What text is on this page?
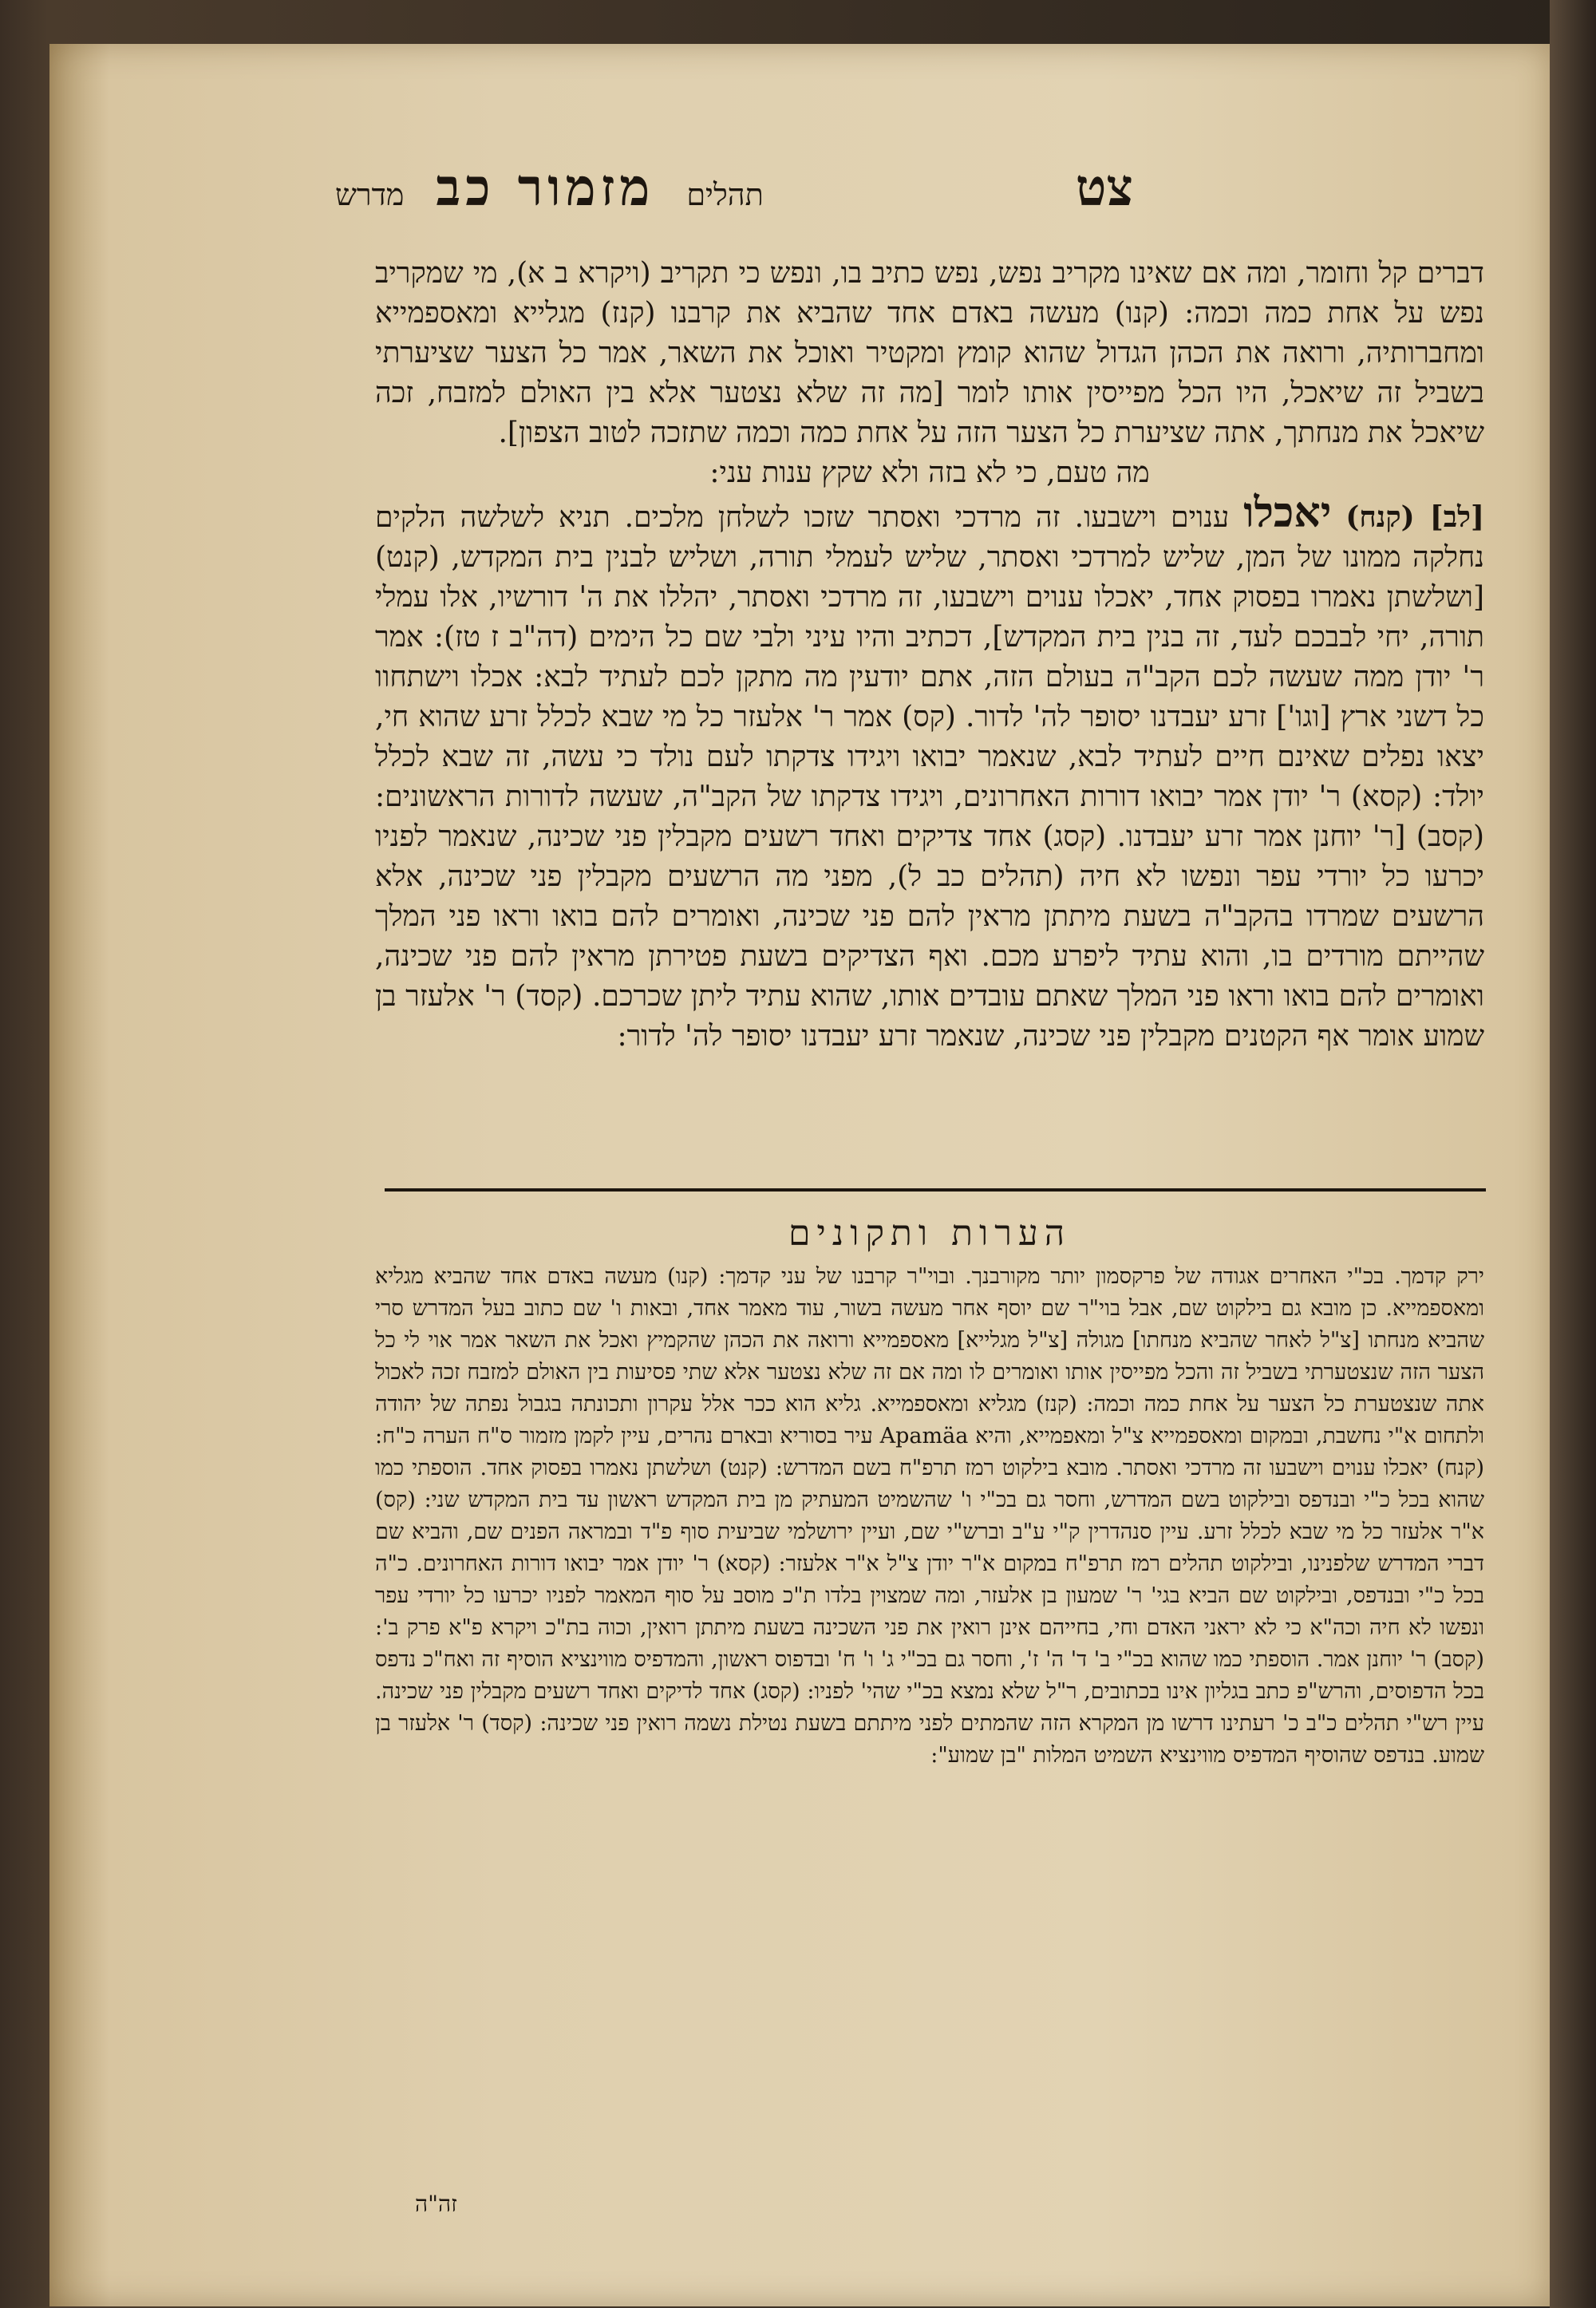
צט
תהלים
מזמור כב
מדרש

דברים קל וחומר, ומה אם שאינו מקריב נפש, נפש כתיב בו, ונפש כי תקריב (ויקרא ב א), מי שמקריב נפש על אחת כמה וכמה: (קנו) מעשה באדם אחד שהביא את קרבנו (קנז) מגלייא ומאספמייא ומחברותיה, ורואה את הכהן הגדול שהוא קומץ ומקטיר ואוכל את השאר, אמר כל הצער שציערתי בשביל זה שיאכל, היו הכל מפייסין אותו לומר [מה זה שלא נצטער אלא בין האולם למזבח, זכה שיאכל את מנחתך, אתה שציערת כל הצער הזה על אחת כמה וכמה שתזכה לטוב הצפון].

מה טעם, כי לא בזה ולא שקץ ענות עני:

[לב] (קנח) יאכלו ענוים וישבעו. זה מרדכי ואסתר שזכו לשלחן מלכים. תניא לשלשה הלקים נחלקה ממונו של המן, שליש למרדכי ואסתר, שליש לעמלי תורה, ושליש לבנין בית המקדש, (קנט) [ושלשתן נאמרו בפסוק אחד, יאכלו ענוים וישבעו, זה מרדכי ואסתר, יהללו את ה' דורשיו, אלו עמלי תורה, יחי לבבכם לעד, זה בנין בית המקדש], דכתיב והיו עיני ולבי שם כל הימים (דה"ב ז טז): אמר ר' יודן ממה שעשה לכם הקב"ה בעולם הזה, אתם יודעין מה מתקן לכם לעתיד לבא: אכלו וישתחוו כל דשני ארץ [וגו'] זרע יעבדנו יסופר לה' לדור. (קס) אמר ר' אלעזר כל מי שבא לכלל זרע שהוא חי, יצאו נפלים שאינם חיים לעתיד לבא, שנאמר יבואו ויגידו צדקתו לעם נולד כי עשה, זה שבא לכלל יולד: (קסא) ר' יודן אמר יבואו דורות האחרונים, ויגידו צדקתו של הקב"ה, שעשה לדורות הראשונים: (קסב) [ר' יוחנן אמר זרע יעבדנו. (קסג) אחד צדיקים ואחד רשעים מקבלין פני שכינה, שנאמר לפניו יכרעו כל יורדי עפר ונפשו לא חיה (תהלים כב ל), מפני מה הרשעים מקבלין פני שכינה, אלא הרשעים שמרדו בהקב"ה בשעת מיתתן מראין להם פני שכינה, ואומרים להם בואו וראו פני המלך שהייתם מורדים בו, והוא עתיד ליפרע מכם. ואף הצדיקים בשעת פטירתן מראין להם פני שכינה, ואומרים להם בואו וראו פני המלך שאתם עובדים אותו, שהוא עתיד ליתן שכרכם. (קסד) ר' אלעזר בן שמוע אומר אף הקטנים מקבלין פני שכינה, שנאמר זרע יעבדנו יסופר לה' לדור:

הערות ותקונים

ירק קדמך. בכ"י האחרים אגודה של פרקסמון יותר מקורבנך. ובוי"ר קרבנו של עני קדמך: (קנו) מעשה באדם אחד שהביא מגליא ומאספמייא. כן מובא גם בילקוט שם, אבל בוי"ר שם יוסף אחר מעשה בשור, עוד מאמר אחד, ובאות ו' שם כתוב בעל המדרש סרי שהביא מנחתו [צ"ל לאחר שהביא מנחתו] מגולה [צ"ל מגלייא] מאספמייא ורואה את הכהן שהקמיץ ואכל את השאר אמר אוי לי כל הצער הזה שנצטערתי בשביל זה והכל מפייסין אותו ואומרים לו ומה אם זה שלא נצטער אלא שתי פסיעות בין האולם למזבח זכה לאכול אתה שנצטערת כל הצער על אחת כמה וכמה: (קנז) מגליא ומאספמייא. גליא הוא ככר אלל עקרון ותכונתה בגבול נפתה של יהודה ולתחום א"י נחשבת, ובמקום ומאספמייא צ"ל ומאפמייא, והיא Apamäa עיר בסוריא ובארם נהרים, עיין לקמן מזמור ס"ח הערה כ"ח: (קנח) יאכלו ענוים וישבעו זה מרדכי ואסתר. מובא בילקוט רמז תרפ"ח בשם המדרש: (קנט) ושלשתן נאמרו בפסוק אחד. הוספתי כמו שהוא בכל כ"י ובנדפס ובילקוט בשם המדרש, וחסר גם בכ"י ו' שהשמיט המעתיק מן בית המקדש ראשון עד בית המקדש שני: (קס) א"ר אלעזר כל מי שבא לכלל זרע. עיין סנהדרין ק"י ע"ב וברש"י שם, ועיין ירושלמי שביעית סוף פ"ד ובמראה הפנים שם, והביא שם דברי המדרש שלפנינו, ובילקוט תהלים רמז תרפ"ח במקום א"ר יודן צ"ל א"ר אלעזר: (קסא) ר' יודן אמר יבואו דורות האחרונים. כ"ה בכל כ"י ובנדפס, ובילקוט שם הביא בגי' ר' שמעון בן אלעזר, ומה שמצוין בלדו ת"כ מוסב על סוף המאמר לפניו יכרעו כל יורדי עפר ונפשו לא חיה וכה"א כי לא יראני האדם וחי, בחייהם אינן רואין את פני השכינה בשעת מיתתן רואין, וכוה בת"כ ויקרא פ"א פרק ב': (קסב) ר' יוחנן אמר. הוספתי כמו שהוא בכ"י ב' ד' ה' ז', וחסר גם בכ"י ג' ו' ח' ובדפוס ראשון, והמדפיס מווינציא הוסיף זה ואח"כ נדפס בכל הדפוסים, והרש"פ כתב בגליון אינו בכתובים, ר"ל שלא נמצא בכ"י שהי' לפניו: (קסג) אחד לדיקים ואחד רשעים מקבלין פני שכינה. עיין רש"י תהלים כ"ב כ' רעתינו דרשו מן המקרא הזה שהמתים לפני מיתתם בשעת נטילת נשמה רואין פני שכינה: (קסד) ר' אלעזר בן שמוע. בנדפס שהוסיף המדפיס מווינציא השמיט המלות "בן שמוע":

זה"ה
